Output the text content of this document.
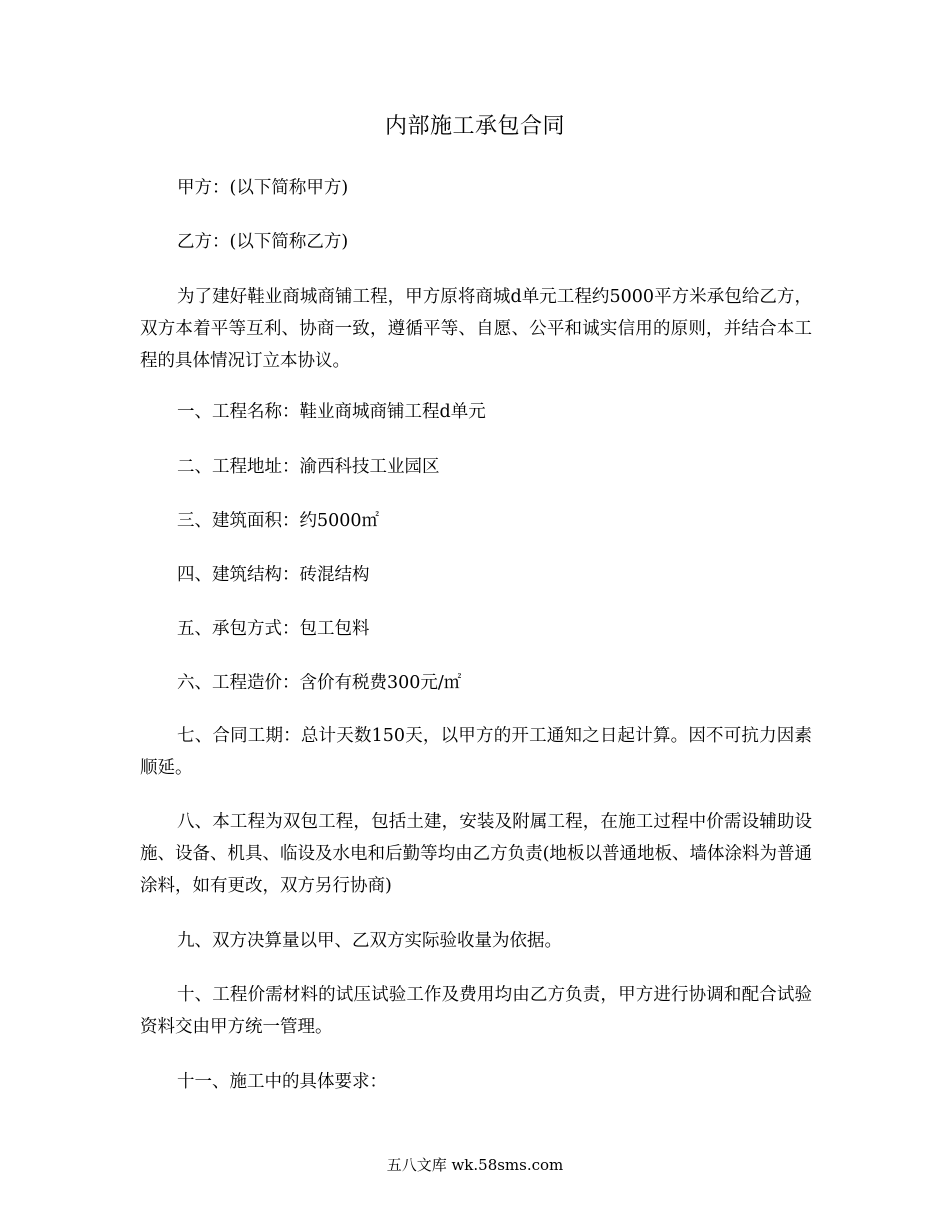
内部施工承包合同
甲方：(以下简称甲方)
乙方：(以下简称乙方)
为了建好鞋业商城商铺工程，甲方原将商城d单元工程约5000平方米承包给乙方，双方本着平等互利、协商一致，遵循平等、自愿、公平和诚实信用的原则，并结合本工程的具体情况订立本协议。
一、工程名称：鞋业商城商铺工程d单元
二、工程地址：渝西科技工业园区
三、建筑面积：约5000㎡
四、建筑结构：砖混结构
五、承包方式：包工包料
六、工程造价：含价有税费300元/㎡
七、合同工期：总计天数150天，以甲方的开工通知之日起计算。因不可抗力因素顺延。
八、本工程为双包工程，包括土建，安装及附属工程，在施工过程中价需设辅助设施、设备、机具、临设及水电和后勤等均由乙方负责(地板以普通地板、墙体涂料为普通涂料，如有更改，双方另行协商)
九、双方决算量以甲、乙双方实际验收量为依据。
十、工程价需材料的试压试验工作及费用均由乙方负责，甲方进行协调和配合试验资料交由甲方统一管理。
十一、施工中的具体要求：
五八文库 wk.58sms.com
